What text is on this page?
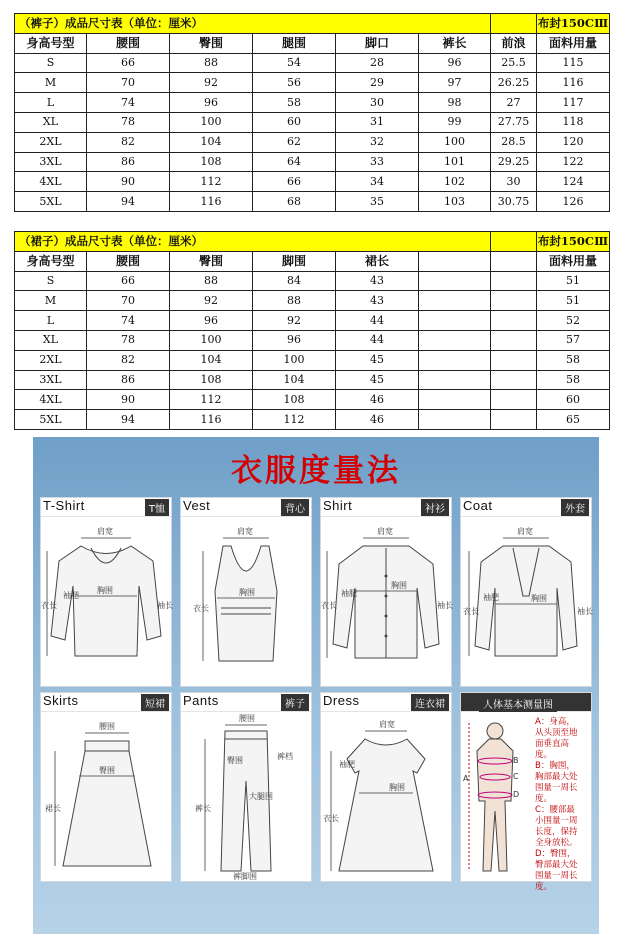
（裤子）成品尺寸表（单位：厘米）							布封150CⅢ
身高号型	腰围	臀围	腿围	脚口	裤长	前浪	面料用量
S	66	88	54	28	96	25.5	115
M	70	92	56	29	97	26.25	116
L	74	96	58	30	98	27	117
XL	78	100	60	31	99	27.75	118
2XL	82	104	62	32	100	28.5	120
3XL	86	108	64	33	101	29.25	122
4XL	90	112	66	34	102	30	124
5XL	94	116	68	35	103	30.75	126
（裙子）成品尺寸表（单位：厘米）							布封150CⅢ
身高号型	腰围	臀围	脚围	裙长			面料用量
S	66	88	84	43			51
M	70	92	88	43			51
L	74	96	92	44			52
XL	78	100	96	44			57
2XL	82	104	100	45			58
3XL	86	108	104	45			58
4XL	90	112	108	46			60
5XL	94	116	112	46			65
衣服度量法
T-Shirt	T恤
肩宽
胸围
袖肥
衣长	袖长
Vest	背心
肩宽
胸围
衣长
Shirt	衬衫
肩宽
胸围
袖肥
衣长	袖长
Coat	外套
肩宽
胸围
袖肥
衣长	袖长
Skirts	短裙
腰围
臀围
裙长
Pants	裤子
腰围
臀围	裤档
大腿围
裤长
裤脚围
Dress	连衣裙
肩宽
胸围
袖肥
衣长
人体基本测量图
A
B
C
D
A：身高，从头顶至地面垂直高度。
B：胸围，胸部最大处围量一周长度。
C：腰部最小围量一周长度，保持全身放松。
D：臀围，臀部最大处围量一周长度。
